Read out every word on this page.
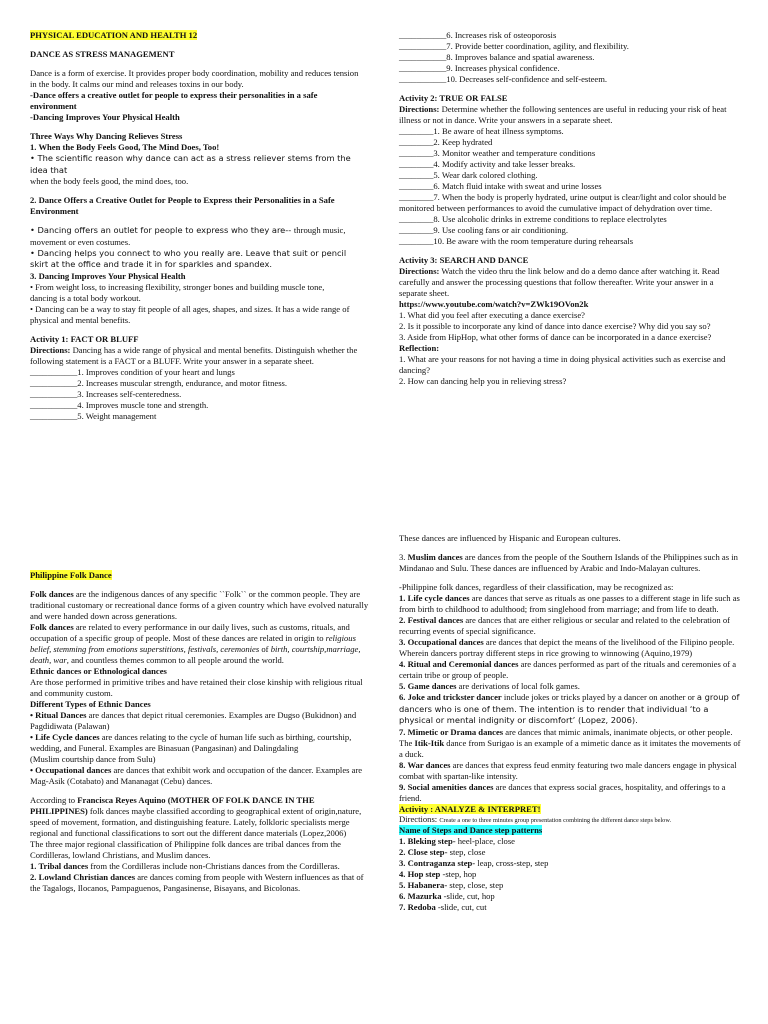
PHYSICAL EDUCATION AND HEALTH 12

DANCE AS STRESS MANAGEMENT

Dance is a form of exercise. It provides proper body coordination, mobility and reduces tension in the body. It calms our mind and releases toxins in our body.

-Dance offers a creative outlet for people to express their personalities in a safe environment

-Dancing Improves Your Physical Health

Three Ways Why Dancing Relieves Stress

1. When the Body Feels Good, The Mind Does, Too!

• The scientific reason why dance can act as a stress reliever stems from the idea that

when the body feels good, the mind does, too.

2. Dance Offers a Creative Outlet for People to Express their Personalities in a Safe Environment

• Dancing offers an outlet for people to express who they are-- through music,

movement or even costumes.

• Dancing helps you connect to who you really are. Leave that suit or pencil skirt at the office and trade it in for sparkles and spandex.

3. Dancing Improves Your Physical Health

• From weight loss, to increasing flexibility, stronger bones and building muscle tone,

dancing is a total body workout.

• Dancing can be a way to stay fit people of all ages, shapes, and sizes. It has a wide range of physical and mental benefits.

Activity 1: FACT OR BLUFF

Directions: Dancing has a wide range of physical and mental benefits. Distinguish whether the following statement is a FACT or a BLUFF. Write your answer in a separate sheet.

___________1. Improves condition of your heart and lungs

___________2. Increases muscular strength, endurance, and motor fitness.

___________3. Increases self-centeredness.

___________4. Improves muscle tone and strength.

___________5. Weight management

___________6. Increases risk of osteoporosis

___________7. Provide better coordination, agility, and flexibility.

___________8. Improves balance and spatial awareness.

___________9. Increases physical confidence.

___________10. Decreases self-confidence and self-esteem.

Activity 2: TRUE OR FALSE

Directions: Determine whether the following sentences are useful in reducing your risk of heat illness or not in dance. Write your answers in a separate sheet.

________1. Be aware of heat illness symptoms.

________2. Keep hydrated

________3. Monitor weather and temperature conditions

________4. Modify activity and take lesser breaks.

________5. Wear dark colored clothing.

________6. Match fluid intake with sweat and urine losses

________7. When the body is properly hydrated, urine output is clear/light and color should be monitored between performances to avoid the cumulative impact of dehydration over time.

________8. Use alcoholic drinks in extreme conditions to replace electrolytes

________9. Use cooling fans or air conditioning.

________10. Be aware with the room temperature during rehearsals

Activity 3: SEARCH AND DANCE

Directions: Watch the video thru the link below and do a demo dance after watching it. Read carefully and answer the processing questions that follow thereafter. Write your answer in a separate sheet.

https://www.youtube.com/watch?v=ZWk19OVon2k

1. What did you feel after executing a dance exercise?

2. Is it possible to incorporate any kind of dance into dance exercise? Why did you say so?

3. Aside from HipHop, what other forms of dance can be incorporated in a dance exercise?

Reflection:

1. What are your reasons for not having a time in doing physical activities such as exercise and dancing?

2. How can dancing help you in relieving stress?

Philippine Folk Dance

Folk dances are the indigenous dances of any specific ``Folk`` or the common people. They are traditional customary or recreational dance forms of a given country which have evolved naturally and were handed down across generations.

Folk dances are related to every performance in our daily lives, such as customs, rituals, and occupation of a specific group of people. Most of these dances are related in origin to religious belief, stemming from emotions superstitions, festivals, ceremonies of birth, courtship,marriage, death, war, and countless themes common to all people around the world.

Ethnic dances or Ethnological dances

Are those performed in primitive tribes and have retained their close kinship with religious ritual and community custom.

Different Types of Ethnic Dances

• Ritual Dances are dances that depict ritual ceremonies. Examples are Dugso (Bukidnon) and Pagdidiwata (Palawan)

• Life Cycle dances are dances relating to the cycle of human life such as birthing, courtship, wedding, and Funeral. Examples are Binasuan (Pangasinan) and Dalingdaling

(Muslim courtship dance from Sulu)

• Occupational dances are dances that exhibit work and occupation of the dancer. Examples are Mag-Asik (Cotabato) and Mananagat (Cebu) dances.

According to Francisca Reyes Aquino (MOTHER OF FOLK DANCE IN THE PHILIPPINES) folk dances maybe classified according to geographical extent of origin,nature, speed of movement, formation, and distinguishing feature. Lately, folkloric specialists merge regional and functional classifications to sort out the different dance materials (Lopez,2006)

The three major regional classification of Philippine folk dances are tribal dances from the

Cordilleras, lowland Christians, and Muslim dances.

1. Tribal dances from the Cordilleras include non-Christians dances from the Cordilleras.

2. Lowland Christian dances are dances coming from people with Western influences as that of the Tagalogs, Ilocanos, Pampaguenos, Pangasinense, Bisayans, and Bicolonas.

These dances are influenced by Hispanic and European cultures.

3. Muslim dances are dances from the people of the Southern Islands of the Philippines such as in Mindanao and Sulu. These dances are influenced by Arabic and Indo-Malayan cultures.

-Philippine folk dances, regardless of their classification, may be recognized as:

1. Life cycle dances are dances that serve as rituals as one passes to a different stage in life such as from birth to childhood to adulthood; from singlehood from marriage; and from life to death.

2. Festival dances are dances that are either religious or secular and related to the celebration of recurring events of special significance.

3. Occupational dances are dances that depict the means of the livelihood of the Filipino people. Wherein dancers portray different steps in rice growing to winnowing (Aquino,1979)

4. Ritual and Ceremonial dances are dances performed as part of the rituals and ceremonies of a certain tribe or group of people.

5. Game dances are derivations of local folk games.

6. Joke and trickster dancer include jokes or tricks played by a dancer on another or a group of dancers who is one of them. The intention is to render that individual ‘to a physical or mental indignity or discomfort’ (Lopez, 2006).

7. Mimetic or Drama dances are dances that mimic animals, inanimate objects, or other people. The Itik-Itik dance from Surigao is an example of a mimetic dance as it imitates the movements of a duck.

8. War dances are dances that express feud enmity featuring two male dancers engage in physical combat with spartan-like intensity.

9. Social amenities dances are dances that express social graces, hospitality, and offerings to a friend.

Activity : ANALYZE & INTERPRET!

Directions: Create a one to three minutes group presentation combining the different dance steps below.

Name of Steps and Dance step patterns

1. Bleking step- heel-place, close

2. Close step- step, close

3. Contraganza step- leap, cross-step, step

4. Hop step -step, hop

5. Habanera- step, close, step

6. Mazurka -slide, cut, hop

7. Redoba -slide, cut, cut
